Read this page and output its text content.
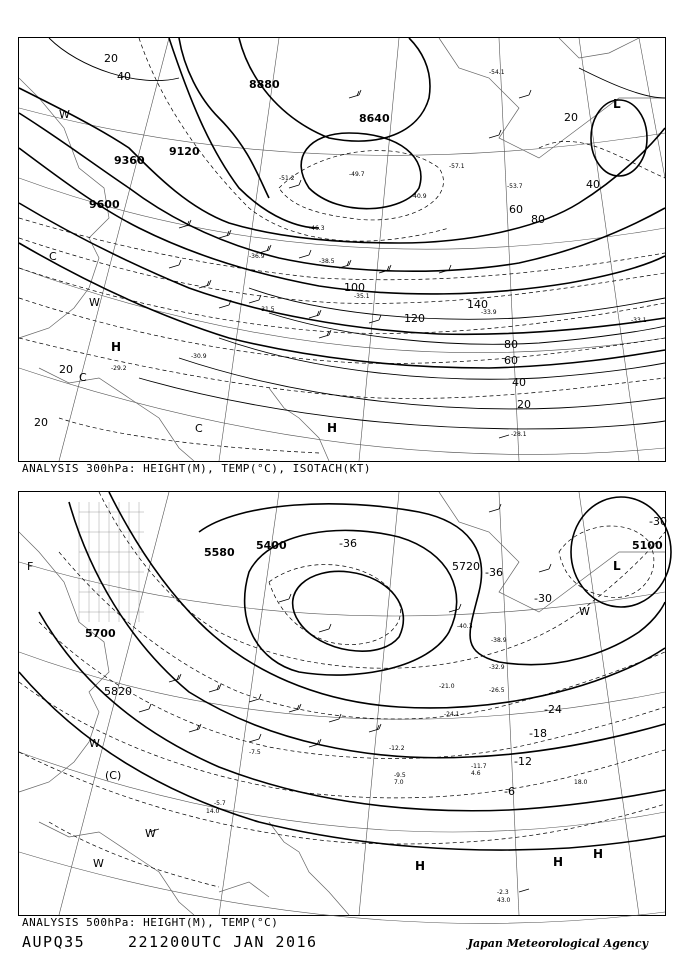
8880
8640
9120
9360
9600
20
40
60
80
100
120
140
80
60
40
20
40
20
L
H
H
C
W
C
W
C
20
20
-28.1
-35.1
-31.5	-33.9
-33.1
-30.9
-29.2
-40.9
-53.7
-49.7
-51.2
-46.3
-36.9
-38.5
-57.1
-54.1
ANALYSIS 300hPa: HEIGHT(M), TEMP(°C), ISOTACH(KT)
5100
5400
5580
5700
5820
5720
-30
-36
-30
-24
-18
-12
-6
-36
L
H	H
H
(C)
W
W
W
W
F
-2.3
43.0
-9.5
7.0
-11.7
4.6
-7.5
18.0
-5.7
14.0
-12.2
-24.1
-40.3
-38.9
-32.9
-26.5
-21.0
ANALYSIS 500hPa: HEIGHT(M), TEMP(°C)
AUPQ35	221200UTC JAN 2016	Japan Meteorological Agency
